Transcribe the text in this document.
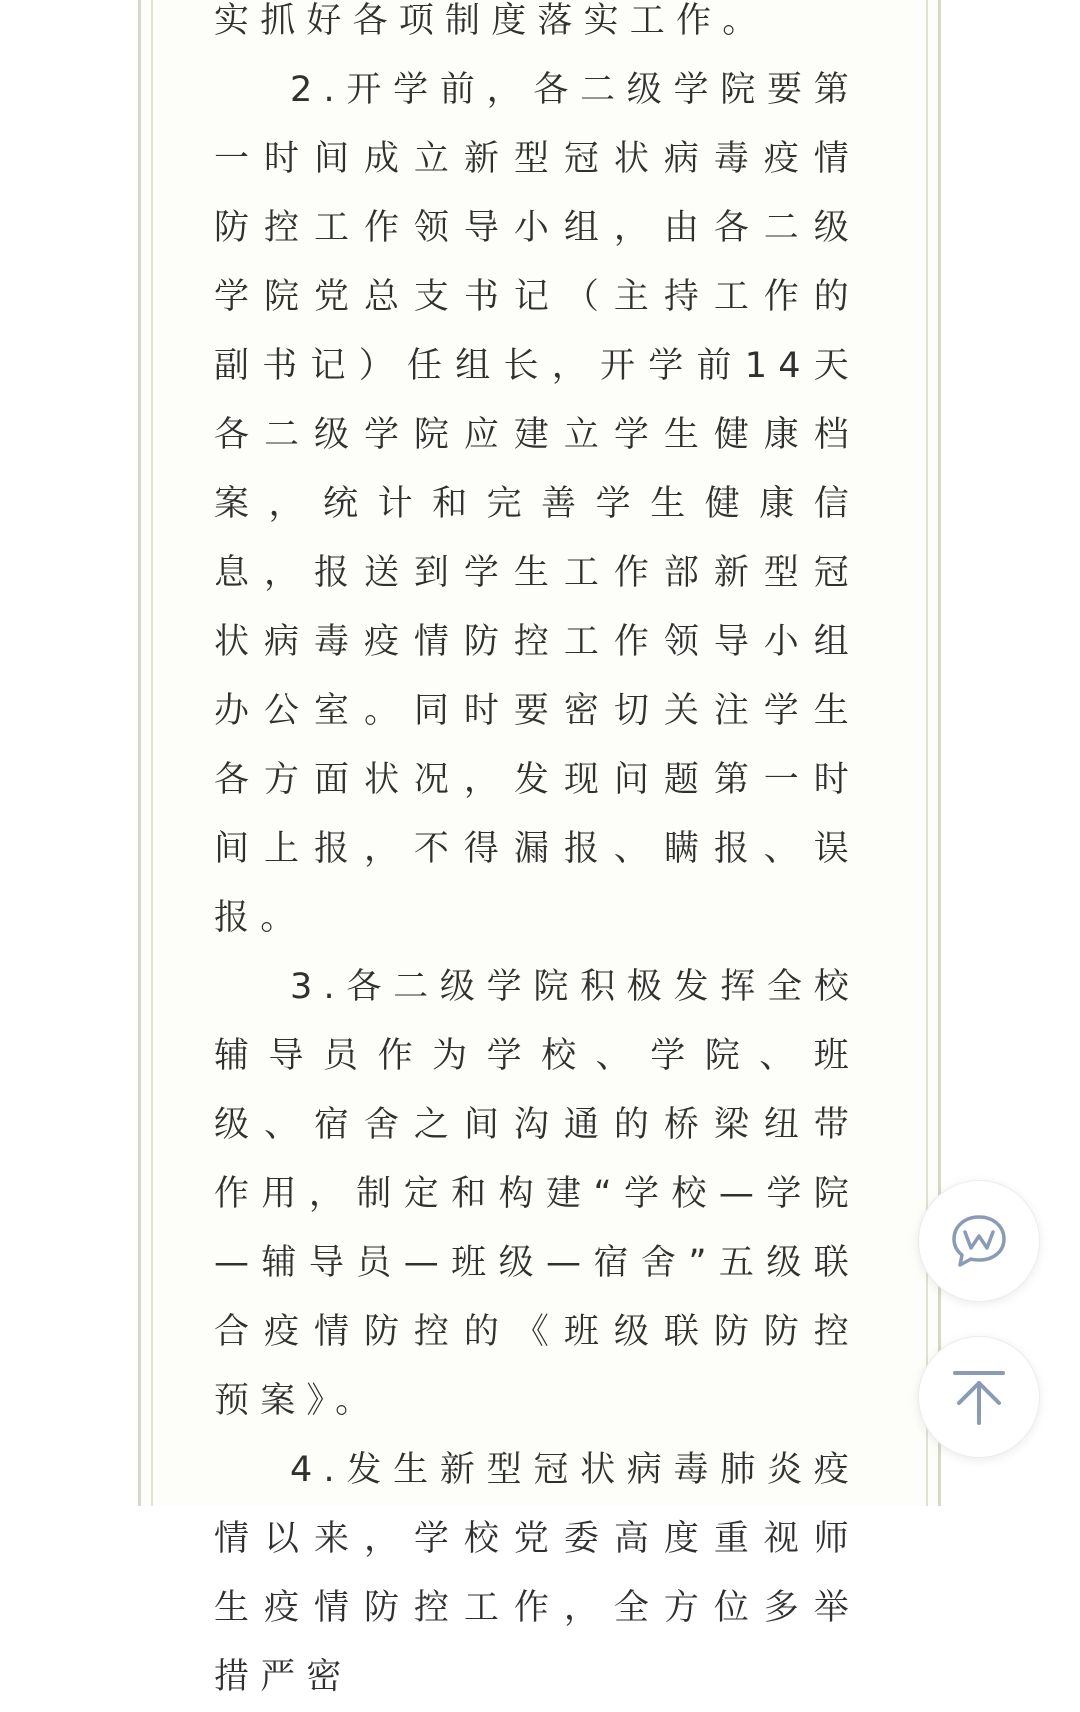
实抓好各项制度落实工作。

2.开学前，各二级学院要第一时间成立新型冠状病毒疫情防控工作领导小组，由各二级学院党总支书记（主持工作的副书记）任组长，开学前14天各二级学院应建立学生健康档案，统计和完善学生健康信息，报送到学生工作部新型冠状病毒疫情防控工作领导小组办公室。同时要密切关注学生各方面状况，发现问题第一时间上报，不得漏报、瞒报、误报。

3.各二级学院积极发挥全校辅导员作为学校、学院、班级、宿舍之间沟通的桥梁纽带作用，制定和构建“学校—学院—辅导员—班级—宿舍”五级联合疫情防控的《班级联防防控预案》。

4.发生新型冠状病毒肺炎疫情以来，学校党委高度重视师生疫情防控工作，全方位多举措严密
